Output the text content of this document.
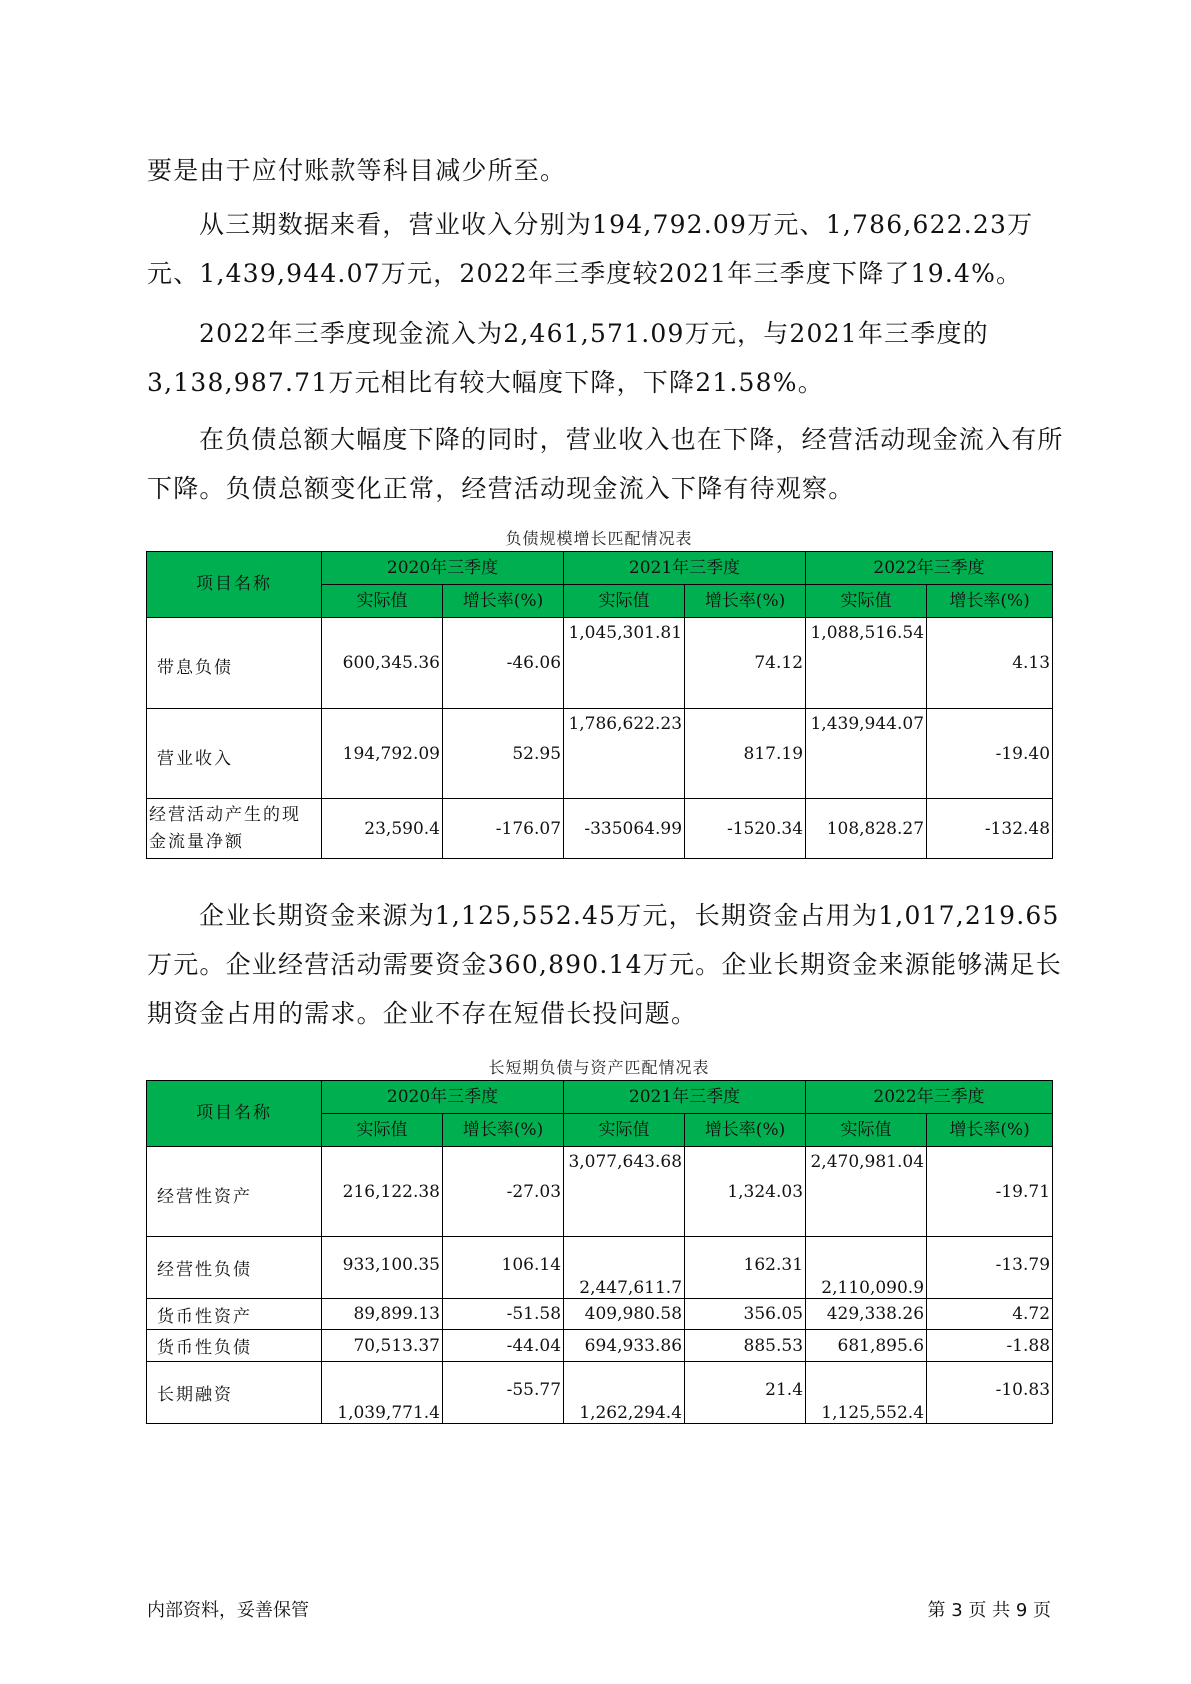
要是由于应付账款等科目减少所至。

从三期数据来看，营业收入分别为194,792.09万元、1,786,622.23万元、1,439,944.07万元，2022年三季度较2021年三季度下降了19.4%。

2022年三季度现金流入为2,461,571.09万元，与2021年三季度的3,138,987.71万元相比有较大幅度下降，下降21.58%。

在负债总额大幅度下降的同时，营业收入也在下降，经营活动现金流入有所下降。负债总额变化正常，经营活动现金流入下降有待观察。

负债规模增长匹配情况表
项目名称	2020年三季度		2021年三季度		2022年三季度	
	实际值	增长率(%)	实际值	增长率(%)	实际值	增长率(%)
带息负债	600,345.36	-46.06	1,045,301.81	74.12	1,088,516.54	4.13
营业收入	194,792.09	52.95	1,786,622.23	817.19	1,439,944.07	-19.40
经营活动产生的现金流量净额	23,590.4	-176.07	-335064.99	-1520.34	108,828.27	-132.48

企业长期资金来源为1,125,552.45万元，长期资金占用为1,017,219.65万元。企业经营活动需要资金360,890.14万元。企业长期资金来源能够满足长期资金占用的需求。企业不存在短借长投问题。

长短期负债与资产匹配情况表
项目名称	2020年三季度		2021年三季度		2022年三季度	
	实际值	增长率(%)	实际值	增长率(%)	实际值	增长率(%)
经营性资产	216,122.38	-27.03	3,077,643.68	1,324.03	2,470,981.04	-19.71
经营性负债	933,100.35	106.14	2,447,611.7	162.31	2,110,090.9	-13.79
货币性资产	89,899.13	-51.58	409,980.58	356.05	429,338.26	4.72
货币性负债	70,513.37	-44.04	694,933.86	885.53	681,895.6	-1.88
长期融资	1,039,771.4	-55.77	1,262,294.4	21.4	1,125,552.4	-10.83
内部资料，妥善保管	第 3 页 共 9 页
